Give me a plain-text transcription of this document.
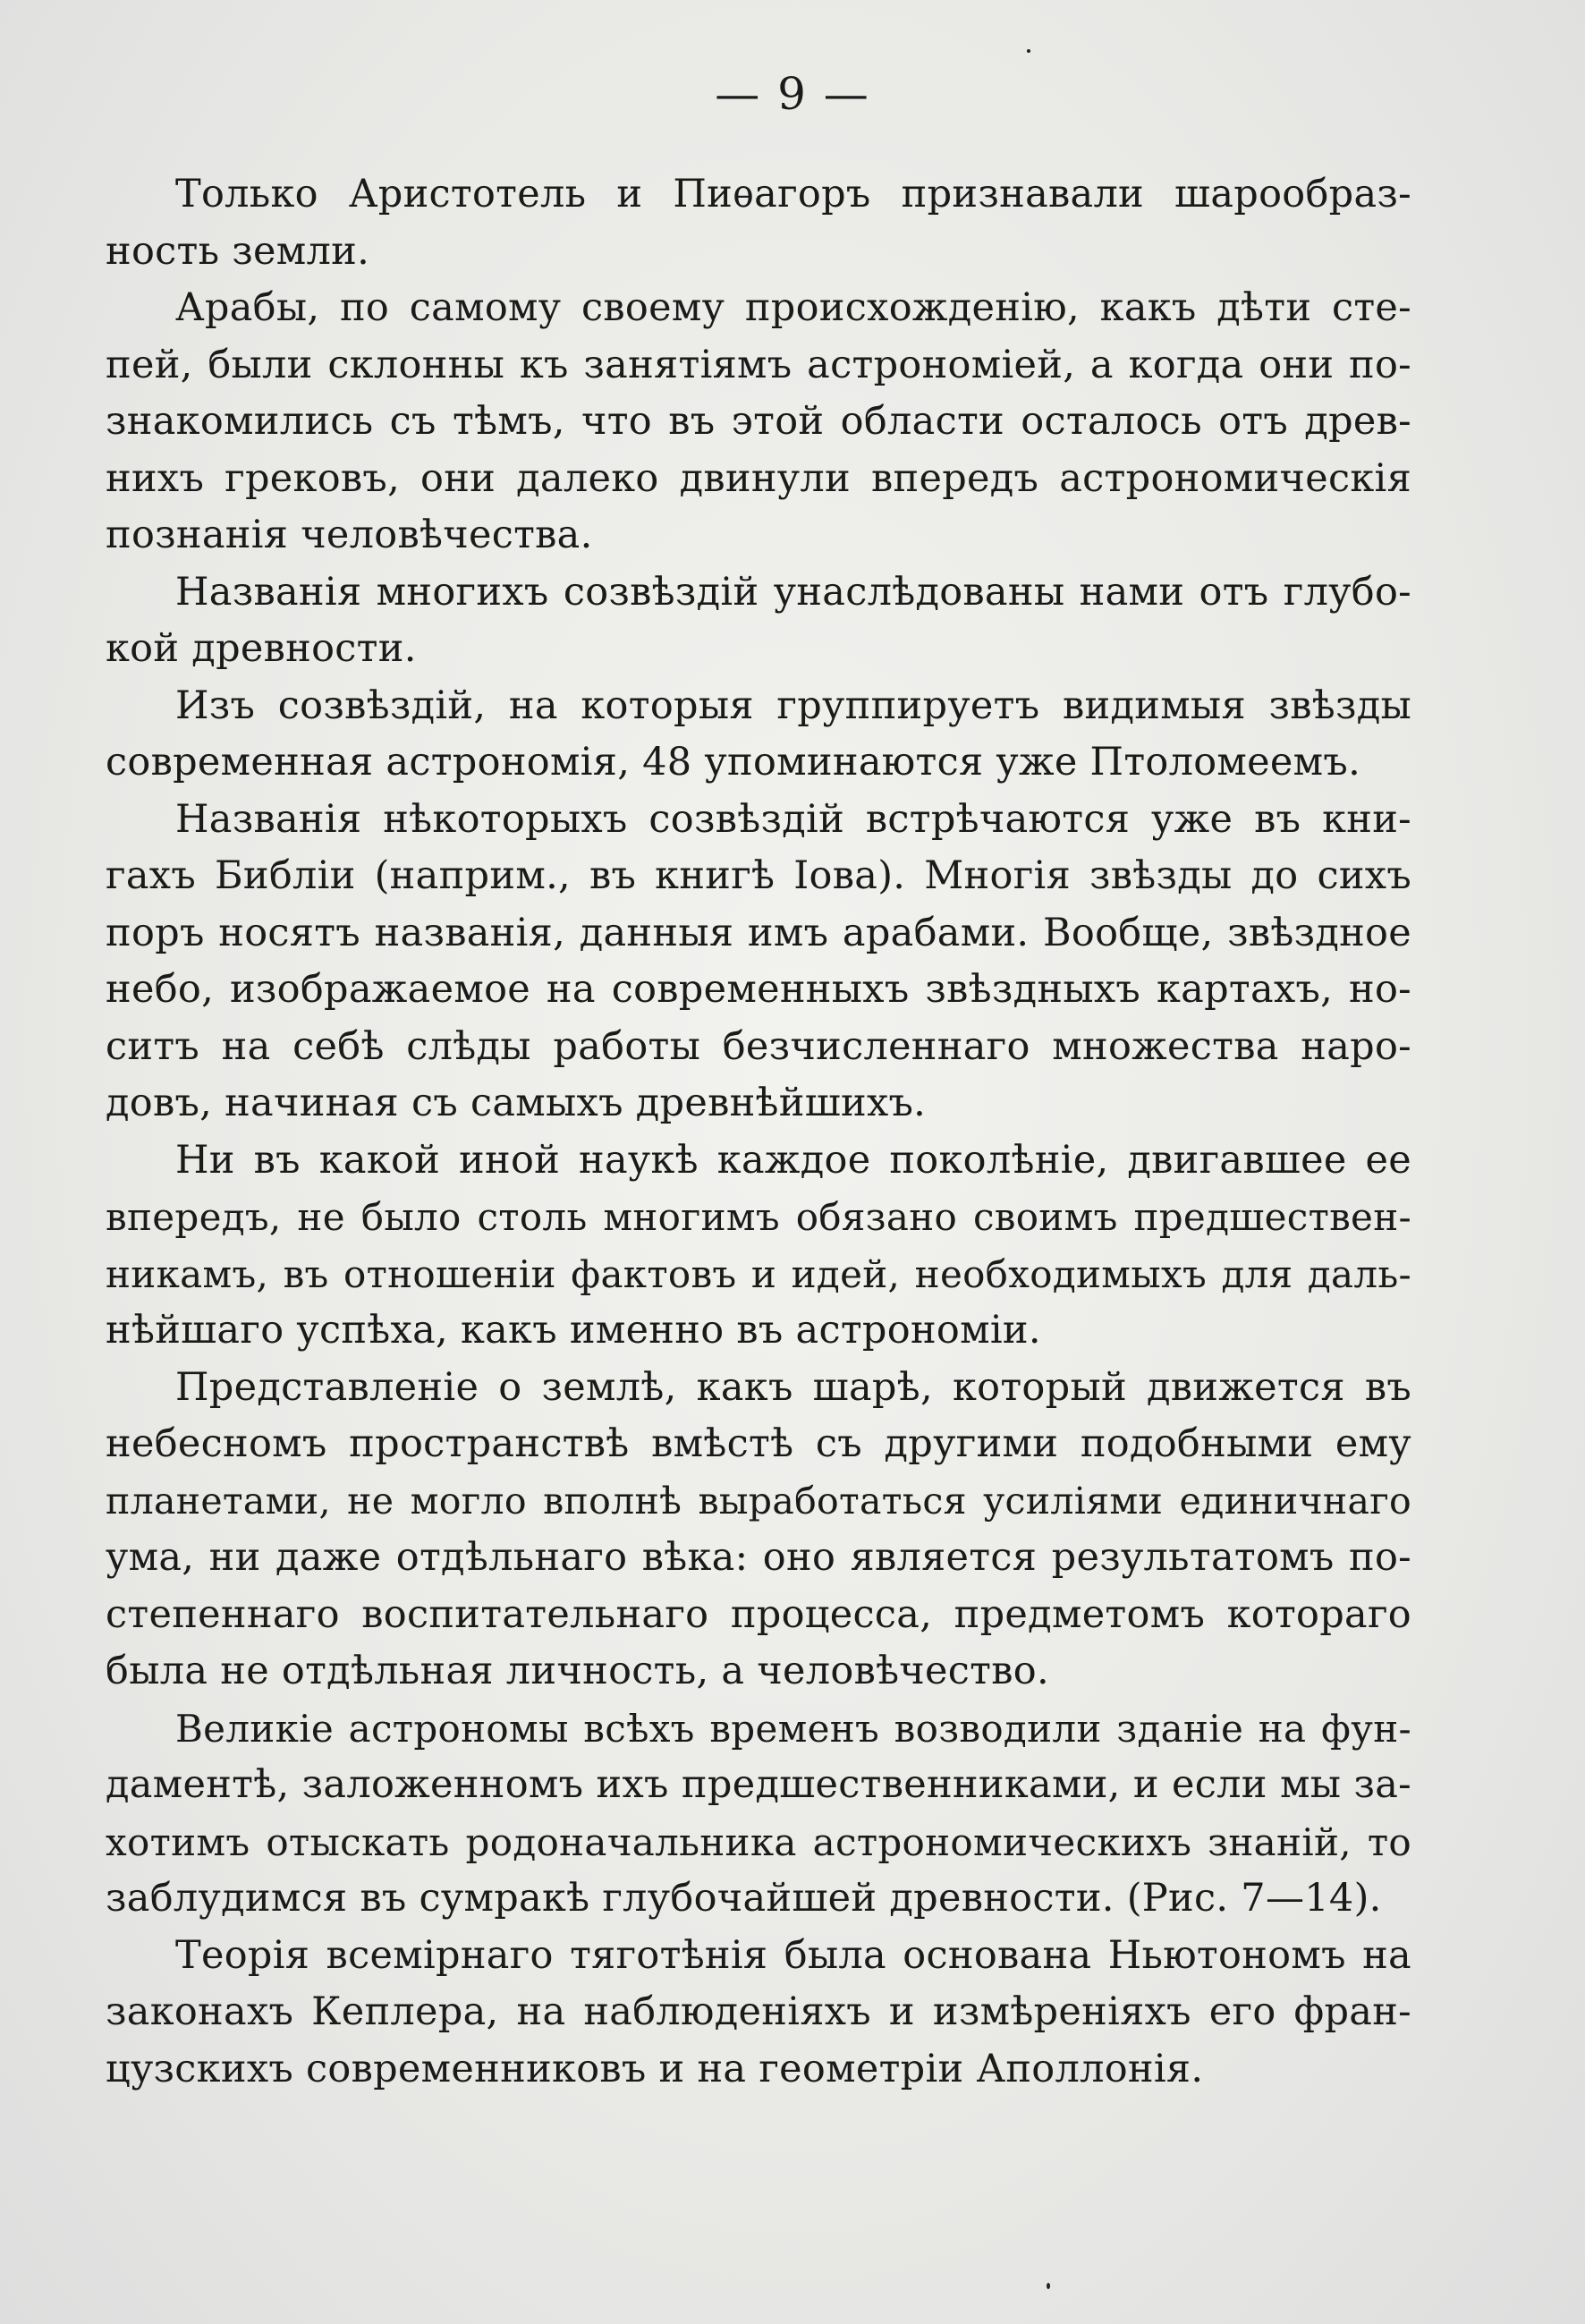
— 9 —
Только Аристотель и Пиѳагоръ признавали шарообраз-
ность земли.
Арабы, по самому своему происхожденію, какъ дѣти сте-
пей, были склонны къ занятіямъ астрономіей, а когда они по-
знакомились съ тѣмъ, что въ этой области осталось отъ древ-
нихъ грековъ, они далеко двинули впередъ астрономическія
познанія человѣчества.
Названія многихъ созвѣздій унаслѣдованы нами отъ глубо-
кой древности.
Изъ созвѣздій, на которыя группируетъ видимыя звѣзды
современная астрономія, 48 упоминаются уже Птоломеемъ.
Названія нѣкоторыхъ созвѣздій встрѣчаются уже въ кни-
гахъ Библіи (наприм., въ книгѣ Іова). Многія звѣзды до сихъ
поръ носятъ названія, данныя имъ арабами. Вообще, звѣздное
небо, изображаемое на современныхъ звѣздныхъ картахъ, но-
ситъ на себѣ слѣды работы безчисленнаго множества наро-
довъ, начиная съ самыхъ древнѣйшихъ.
Ни въ какой иной наукѣ каждое поколѣніе, двигавшее ее
впередъ, не было столь многимъ обязано своимъ предшествен-
никамъ, въ отношеніи фактовъ и идей, необходимыхъ для даль-
нѣйшаго успѣха, какъ именно въ астрономіи.
Представленіе о землѣ, какъ шарѣ, который движется въ
небесномъ пространствѣ вмѣстѣ съ другими подобными ему
планетами, не могло вполнѣ выработаться усиліями единичнаго
ума, ни даже отдѣльнаго вѣка: оно является результатомъ по-
степеннаго воспитательнаго процесса, предметомъ котораго
была не отдѣльная личность, а человѣчество.
Великіе астрономы всѣхъ временъ возводили зданіе на фун-
даментѣ, заложенномъ ихъ предшественниками, и если мы за-
хотимъ отыскать родоначальника астрономическихъ знаній, то
заблудимся въ сумракѣ глубочайшей древности. (Рис. 7—14).
Теорія всемірнаго тяготѣнія была основана Ньютономъ на
законахъ Кеплера, на наблюденіяхъ и измѣреніяхъ его фран-
цузскихъ современниковъ и на геометріи Аполлонія.
